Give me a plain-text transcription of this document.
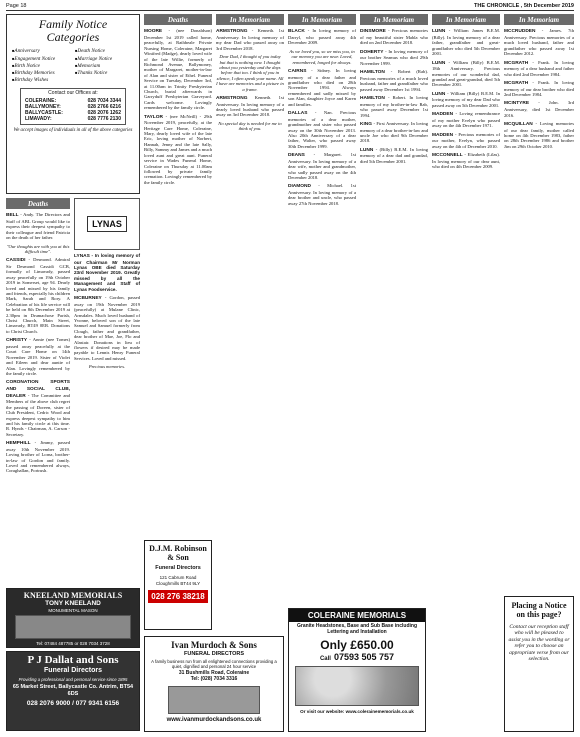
Page 18	THE CHRONICLE , 5th December 2019
Family Notice
Categories
■ Anniversary	■ Death Notice
■ Engagement Notice	■ Marriage Notice
■ Birth Notice	■ Memoriam
■ Birthday Memories	■ Thanks Notice
■ Birthday Wishes
Contact our Offices at:
COLERAINE:	028 7034 3344
BALLYMONEY:	028 2766 6216
BALLYCASTLE:	028 2076 1262
LIMAVADY:	028 7776 2130
We accept images of individuals in all of the above categories
Deaths
BELL - Andy. The Directors and Staff of ABL Group would like to express their deepest sympathy to their colleague and friend Patricia on the death of her father.
"Our thoughts are with you at this difficult time".
CASSIDI - Desmond. Admiral Sir Desmond Cassidi GCB, formally of Limavady, passed away peacefully on 19th October 2019 in Somerset, age 94. Dearly loved and missed by his family and friends, especially his children Mark, Sarah and Rory. A Celebration of his life service will be held on 8th December 2019 at 2.30pm in Drumachose Parish, Christ Church, Main Street, Limavady, BT49 0ER. Donations to Christ Church.
CHRISTY - Annie (nee Tomes) passed away peacefully at the Court Care Home on 14th November 2019. Sister of Violet and Eileen and dear auntie of Alan. Lovingly remembered by the family circle.
CORONATION SPORTS AND SOCIAL CLUB, DEALER - The Committee and Members of the above club regret the passing of Doreen, sister of Club President, Cedric Wood and express deepest sympathy to him and his family circle at this time. R. Hynds - Chairman, A. Carson - Secretary.
HEMPHILL - Jimmy, passed away 10th November 2019. Loving brother of Lorna, brother-in-law of Gordon and family. Loved and remembered always, Coraghallan, Portrush.
LYNAS
LYNAS - In loving memory of our Chairman Mr Norman Lynas OBE died Saturday 23rd November 2019. Greatly missed by all the Management and Staff of Lynas Foodservice.
MCBURNEY - Gordon, passed away on 19th November 2019 (peacefully) at Mulane Clinic, Arnsdales. Much loved husband of Yvonne, beloved son of the late Samuel and Samuel formerly from Clough, father and grandfather, dear brother of Mae, Joe, Flo and Alastair. Donations in lieu of flowers if desired may be made payable to Lennis Henry Funeral Services. Loved and missed.
Precious memories.
KNEELAND MEMORIALS
TONY KNEELAND
MONUMENTAL MASON
Tel: 07484 487785 or 028 7034 3728
P J Dallat and Sons
Funeral Directors
Providing a professional and personal service since 1895
65 Market Street, Ballycastle Co. Antrim, BT54 6DS
028 2076 9000 / 077 9341 6156
Deaths
MOORE - (nee Donaldson) December 1st 2019 called home, peacefully, at Rathbeale Private Nursing Home, Coleraine, Margaret Winifred (Madge), dearly loved wife of the late Willie, formerly of Richmond Avenue, Ballymoney, mother of Margaret, mother-in-law of Alan and sister of Ethel. Funeral Service on Tuesday, December 3rd, at 11.00am in Trinity Presbyterian Church, burial afterwards in Garryduff Presbyterian Graveyard. Cards welcome. Lovingly remembered by the family circle.
TAYLOR - (nee McNeill) - 29th November 2019, peacefully, at the Heritage Care Home, Coleraine, Mary, dearly loved wife of the late Eric, loving mother of Norbert, Hannah, Jenny and the late Sally, Billy, Sammy and James and a much loved aunt and great aunt. Funeral service in Wades Funeral Home, Coleraine on Thursday at 11.00am followed by private family cremation. Lovingly remembered by the family circle.
In Memoriam
ARMSTRONG - Kenneth. 1st Anniversary. In loving memory of my dear Dad who passed away on 3rd December 2018.
Dear Dad, I thought of you today but that is nothing new. I thought about you yesterday and the days before that too. I think of you in silence, I often speak your name. All I have are memories and a picture in a frame.
ARMSTRONG Kenneth. 1st Anniversary. In loving memory of a dearly loved husband who passed away on 3rd December 2018.
No special day is needed for me to think of you.
D.J.M. Robinson & Son
Funeral Directors
121 Cabrum Road Cloughmills BT44 9LY
028 276 38218
Ivan Murdoch & Sons
FUNERAL DIRECTORS
A family business run from all enlightened connections providing a quiet, dignified and personal 24 hour service
31 Bushmills Road, Coleraine
Tel: (028) 7034 3316
www.ivanmurdockandsons.co.uk
In Memoriam
BLACK - In loving memory of Darryl, who passed away 4th December 2009.
As we loved you, so we miss you, in our memory you are near. Loved, remembered, longed for always.
CAIRNS - Sidney. In loving memory of a dear father and grandfather who died on 28th November 1994. Always remembered and sadly missed by son Alan, daughter Joyce and Karen and families.
DALLAS - Nan. Precious memories of a dear mother, grandmother and sister who passed away on the 30th November 2013. Also 20th Anniversary of a dear father, Walter, who passed away 30th December 1999.
DEANS - Margaret. 1st Anniversary. In loving memory of a dear wife, mother and grandmother, who sadly passed away on the 4th December 2018.
DIAMOND - Michael. 1st Anniversary. In loving memory of a dear brother and uncle, who passed away 27th November 2018.
In Memoriam
DINSMORE - Precious memories of my beautiful sister Mabla who died on 2nd December 2018.
DOHERTY - In loving memory of our brother Seamus who died 29th November 1999.
HAMILTON - Robert (Rab). Precious memories of a much loved husband, father and grandfather who passed away December 1st 1994.
HAMILTON - Robert. In loving memory of my brother-in-law Rab, who passed away December 1st 1994.
KING - First Anniversary. In loving memory of a dear brother-in-law and uncle Joe who died 9th December 2018.
LUNN - (Billy) B.E.M. In loving memory of a dear dad and grandad, died 5th December 2001.
COLERAINE MEMORIALS
Granite Headstones, Base and Sub Base including Lettering and Installation
Only £650.00
Call 07593 505 757
Or visit our website: www.colerainememorials.co.uk
In Memoriam
LUNN - William James B.E.M. (Billy). In loving memory of a dear father, grandfather and great-grandfather who died 5th December 2001.
LUNN - William (Billy) B.E.M. 18th Anniversary. Precious memories of our wonderful dad, grandad and great-grandad, died 5th December 2001.
LUNN - William (Billy) B.E.M. In loving memory of my dear Dad who passed away on 5th December 2001.
MADDEN - Loving remembrance of my mother Evelyn who passed away on the 4th December 1971.
MADDEN - Precious memories of our mother, Evelyn, who passed away on the 4th of December 2010.
MCCONNELL - Elizabeth (Lilas). In loving memory of our dear aunt, who died on 4th December 2009.
In Memoriam
MCCRUDDEN - James. 7th Anniversary. Precious memories of a much loved husband, father and grandfather who passed away 1st December 2012.
MCGRATH - Frank. In loving memory of a dear husband and father who died 2nd December 1984.
MCGRATH - Frank. In loving memory of our dear brother who died 2nd December 1984.
MCINTYRE - John. 3rd Anniversary, died 1st December 2016.
MCQUILLAN - Loving memories of our dear family, mother called home on 4th December 1983, father on 28th December 1986 and brother Jim on 29th October 2010.
Placing a Notice on this page?
Contact our reception staff who will be pleased to assist you in the wording or refer you to choose an appropriate verse from our selection.
